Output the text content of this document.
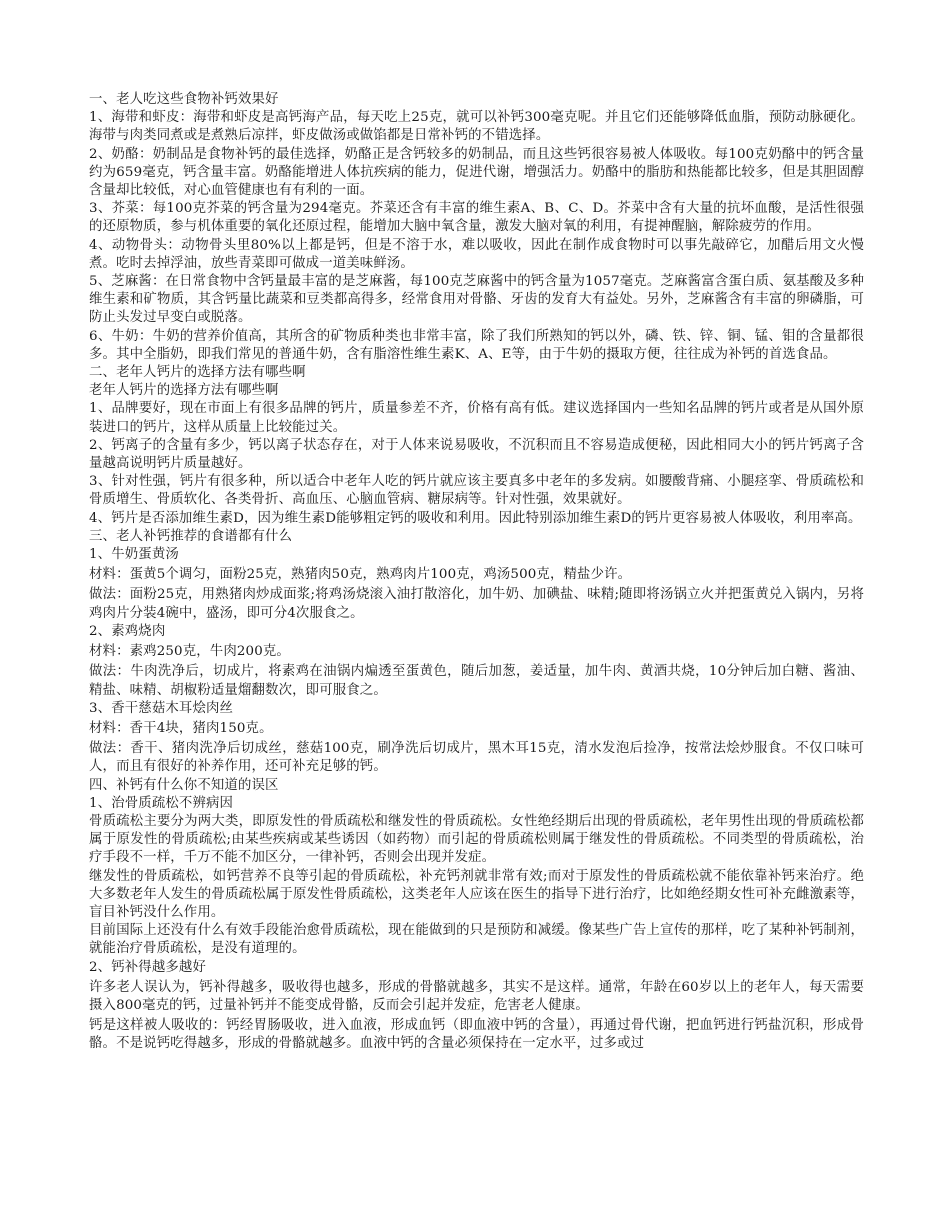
一、老人吃这些食物补钙效果好

1、海带和虾皮：海带和虾皮是高钙海产品，每天吃上25克，就可以补钙300毫克呢。并且它们还能够降低血脂，预防动脉硬化。海带与肉类同煮或是煮熟后凉拌，虾皮做汤或做馅都是日常补钙的不错选择。

2、奶酪：奶制品是食物补钙的最佳选择，奶酪正是含钙较多的奶制品，而且这些钙很容易被人体吸收。每100克奶酪中的钙含量约为659毫克，钙含量丰富。奶酪能增进人体抗疾病的能力，促进代谢，增强活力。奶酪中的脂肪和热能都比较多，但是其胆固醇含量却比较低，对心血管健康也有有利的一面。

3、芥菜：每100克芥菜的钙含量为294毫克。芥菜还含有丰富的维生素A、B、C、D。芥菜中含有大量的抗坏血酸，是活性很强的还原物质，参与机体重要的氧化还原过程，能增加大脑中氧含量，激发大脑对氧的利用，有提神醒脑，解除疲劳的作用。

4、动物骨头：动物骨头里80%以上都是钙，但是不溶于水，难以吸收，因此在制作成食物时可以事先敲碎它，加醋后用文火慢煮。吃时去掉浮油，放些青菜即可做成一道美味鲜汤。

5、芝麻酱：在日常食物中含钙量最丰富的是芝麻酱，每100克芝麻酱中的钙含量为1057毫克。芝麻酱富含蛋白质、氨基酸及多种维生素和矿物质，其含钙量比蔬菜和豆类都高得多，经常食用对骨骼、牙齿的发育大有益处。另外，芝麻酱含有丰富的卵磷脂，可防止头发过早变白或脱落。

6、牛奶：牛奶的营养价值高，其所含的矿物质种类也非常丰富，除了我们所熟知的钙以外，磷、铁、锌、铜、锰、钼的含量都很多。其中全脂奶，即我们常见的普通牛奶，含有脂溶性维生素K、A、E等，由于牛奶的摄取方便，往往成为补钙的首选食品。

二、老年人钙片的选择方法有哪些啊

老年人钙片的选择方法有哪些啊

1、品牌要好，现在市面上有很多品牌的钙片，质量参差不齐，价格有高有低。建议选择国内一些知名品牌的钙片或者是从国外原装进口的钙片，这样从质量上比较能过关。

2、钙离子的含量有多少，钙以离子状态存在，对于人体来说易吸收，不沉积而且不容易造成便秘，因此相同大小的钙片钙离子含量越高说明钙片质量越好。

3、针对性强，钙片有很多种，所以适合中老年人吃的钙片就应该主要真多中老年的多发病。如腰酸背痛、小腿痉挛、骨质疏松和骨质增生、骨质软化、各类骨折、高血压、心脑血管病、糖尿病等。针对性强，效果就好。

4、钙片是否添加维生素D，因为维生素D能够粗定钙的吸收和利用。因此特别添加维生素D的钙片更容易被人体吸收，利用率高。

三、老人补钙推荐的食谱都有什么

1、牛奶蛋黄汤

材料：蛋黄5个调匀，面粉25克，熟猪肉50克，熟鸡肉片100克，鸡汤500克，精盐少许。

做法：面粉25克，用熟猪肉炒成面浆;将鸡汤烧滚入油打散溶化，加牛奶、加碘盐、味精;随即将汤锅立火并把蛋黄兑入锅内，另将鸡肉片分装4碗中，盛汤，即可分4次服食之。

2、素鸡烧肉

材料：素鸡250克，牛肉200克。

做法：牛肉洗净后，切成片，将素鸡在油锅内煸透至蛋黄色，随后加葱，姜适量，加牛肉、黄酒共烧，10分钟后加白糖、酱油、精盐、味精、胡椒粉适量熘翻数次，即可服食之。

3、香干慈菇木耳烩肉丝

材料：香干4块，猪肉150克。

做法：香干、猪肉洗净后切成丝，慈菇100克，刷净洗后切成片，黑木耳15克，清水发泡后捡净，按常法烩炒服食。不仅口味可人，而且有很好的补养作用，还可补充足够的钙。

四、补钙有什么你不知道的误区

1、治骨质疏松不辨病因

骨质疏松主要分为两大类，即原发性的骨质疏松和继发性的骨质疏松。女性绝经期后出现的骨质疏松，老年男性出现的骨质疏松都属于原发性的骨质疏松;由某些疾病或某些诱因（如药物）而引起的骨质疏松则属于继发性的骨质疏松。不同类型的骨质疏松，治疗手段不一样，千万不能不加区分，一律补钙，否则会出现并发症。

继发性的骨质疏松，如钙营养不良等引起的骨质疏松，补充钙剂就非常有效;而对于原发性的骨质疏松就不能依靠补钙来治疗。绝大多数老年人发生的骨质疏松属于原发性骨质疏松，这类老年人应该在医生的指导下进行治疗，比如绝经期女性可补充雌激素等，盲目补钙没什么作用。

目前国际上还没有什么有效手段能治愈骨质疏松，现在能做到的只是预防和减缓。像某些广告上宣传的那样，吃了某种补钙制剂，就能治疗骨质疏松，是没有道理的。

2、钙补得越多越好

许多老人误认为，钙补得越多，吸收得也越多，形成的骨骼就越多，其实不是这样。通常，年龄在60岁以上的老年人，每天需要摄入800毫克的钙，过量补钙并不能变成骨骼，反而会引起并发症，危害老人健康。

钙是这样被人吸收的：钙经胃肠吸收，进入血液，形成血钙（即血液中钙的含量），再通过骨代谢，把血钙进行钙盐沉积，形成骨骼。不是说钙吃得越多，形成的骨骼就越多。血液中钙的含量必须保持在一定水平，过多或过
